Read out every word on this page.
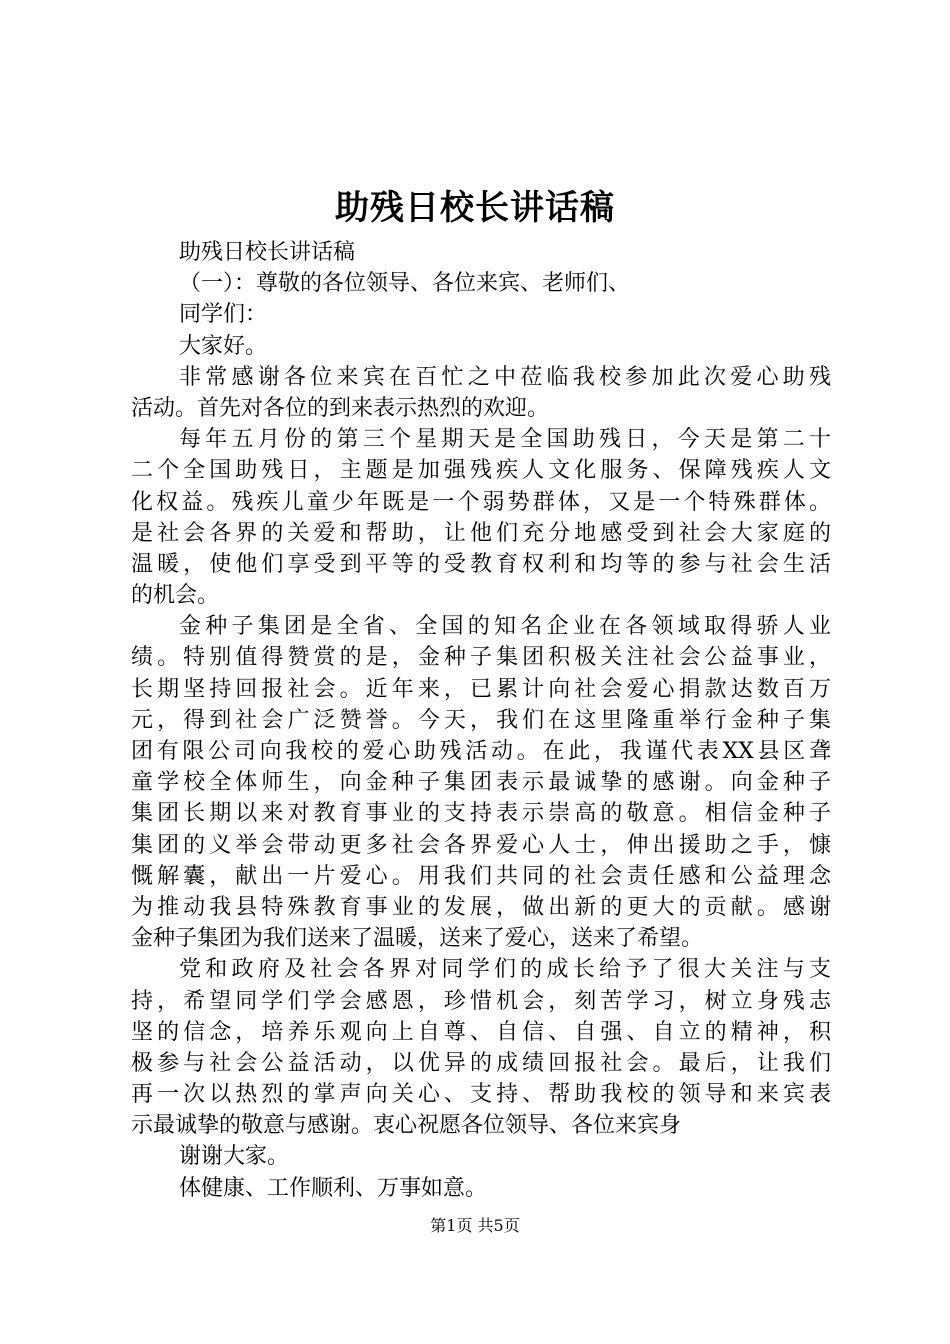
助残日校长讲话稿
助残日校长讲话稿
（一）：尊敬的各位领导、各位来宾、老师们、
同学们：
大家好。
非常感谢各位来宾在百忙之中莅临我校参加此次爱心助残
活动。首先对各位的到来表示热烈的欢迎。
每年五月份的第三个星期天是全国助残日，今天是第二十
二个全国助残日，主题是加强残疾人文化服务、保障残疾人文
化权益。残疾儿童少年既是一个弱势群体，又是一个特殊群体。
是社会各界的关爱和帮助，让他们充分地感受到社会大家庭的
温暖，使他们享受到平等的受教育权利和均等的参与社会生活
的机会。
金种子集团是全省、全国的知名企业在各领域取得骄人业
绩。特别值得赞赏的是，金种子集团积极关注社会公益事业，
长期坚持回报社会。近年来，已累计向社会爱心捐款达数百万
元，得到社会广泛赞誉。今天，我们在这里隆重举行金种子集
团有限公司向我校的爱心助残活动。在此，我谨代表XX县区聋
童学校全体师生，向金种子集团表示最诚挚的感谢。向金种子
集团长期以来对教育事业的支持表示崇高的敬意。相信金种子
集团的义举会带动更多社会各界爱心人士，伸出援助之手，慷
慨解囊，献出一片爱心。用我们共同的社会责任感和公益理念
为推动我县特殊教育事业的发展，做出新的更大的贡献。感谢
金种子集团为我们送来了温暖，送来了爱心，送来了希望。
党和政府及社会各界对同学们的成长给予了很大关注与支
持，希望同学们学会感恩，珍惜机会，刻苦学习，树立身残志
坚的信念，培养乐观向上自尊、自信、自强、自立的精神，积
极参与社会公益活动，以优异的成绩回报社会。最后，让我们
再一次以热烈的掌声向关心、支持、帮助我校的领导和来宾表
示最诚挚的敬意与感谢。衷心祝愿各位领导、各位来宾身
谢谢大家。
体健康、工作顺利、万事如意。
第1页 共5页
